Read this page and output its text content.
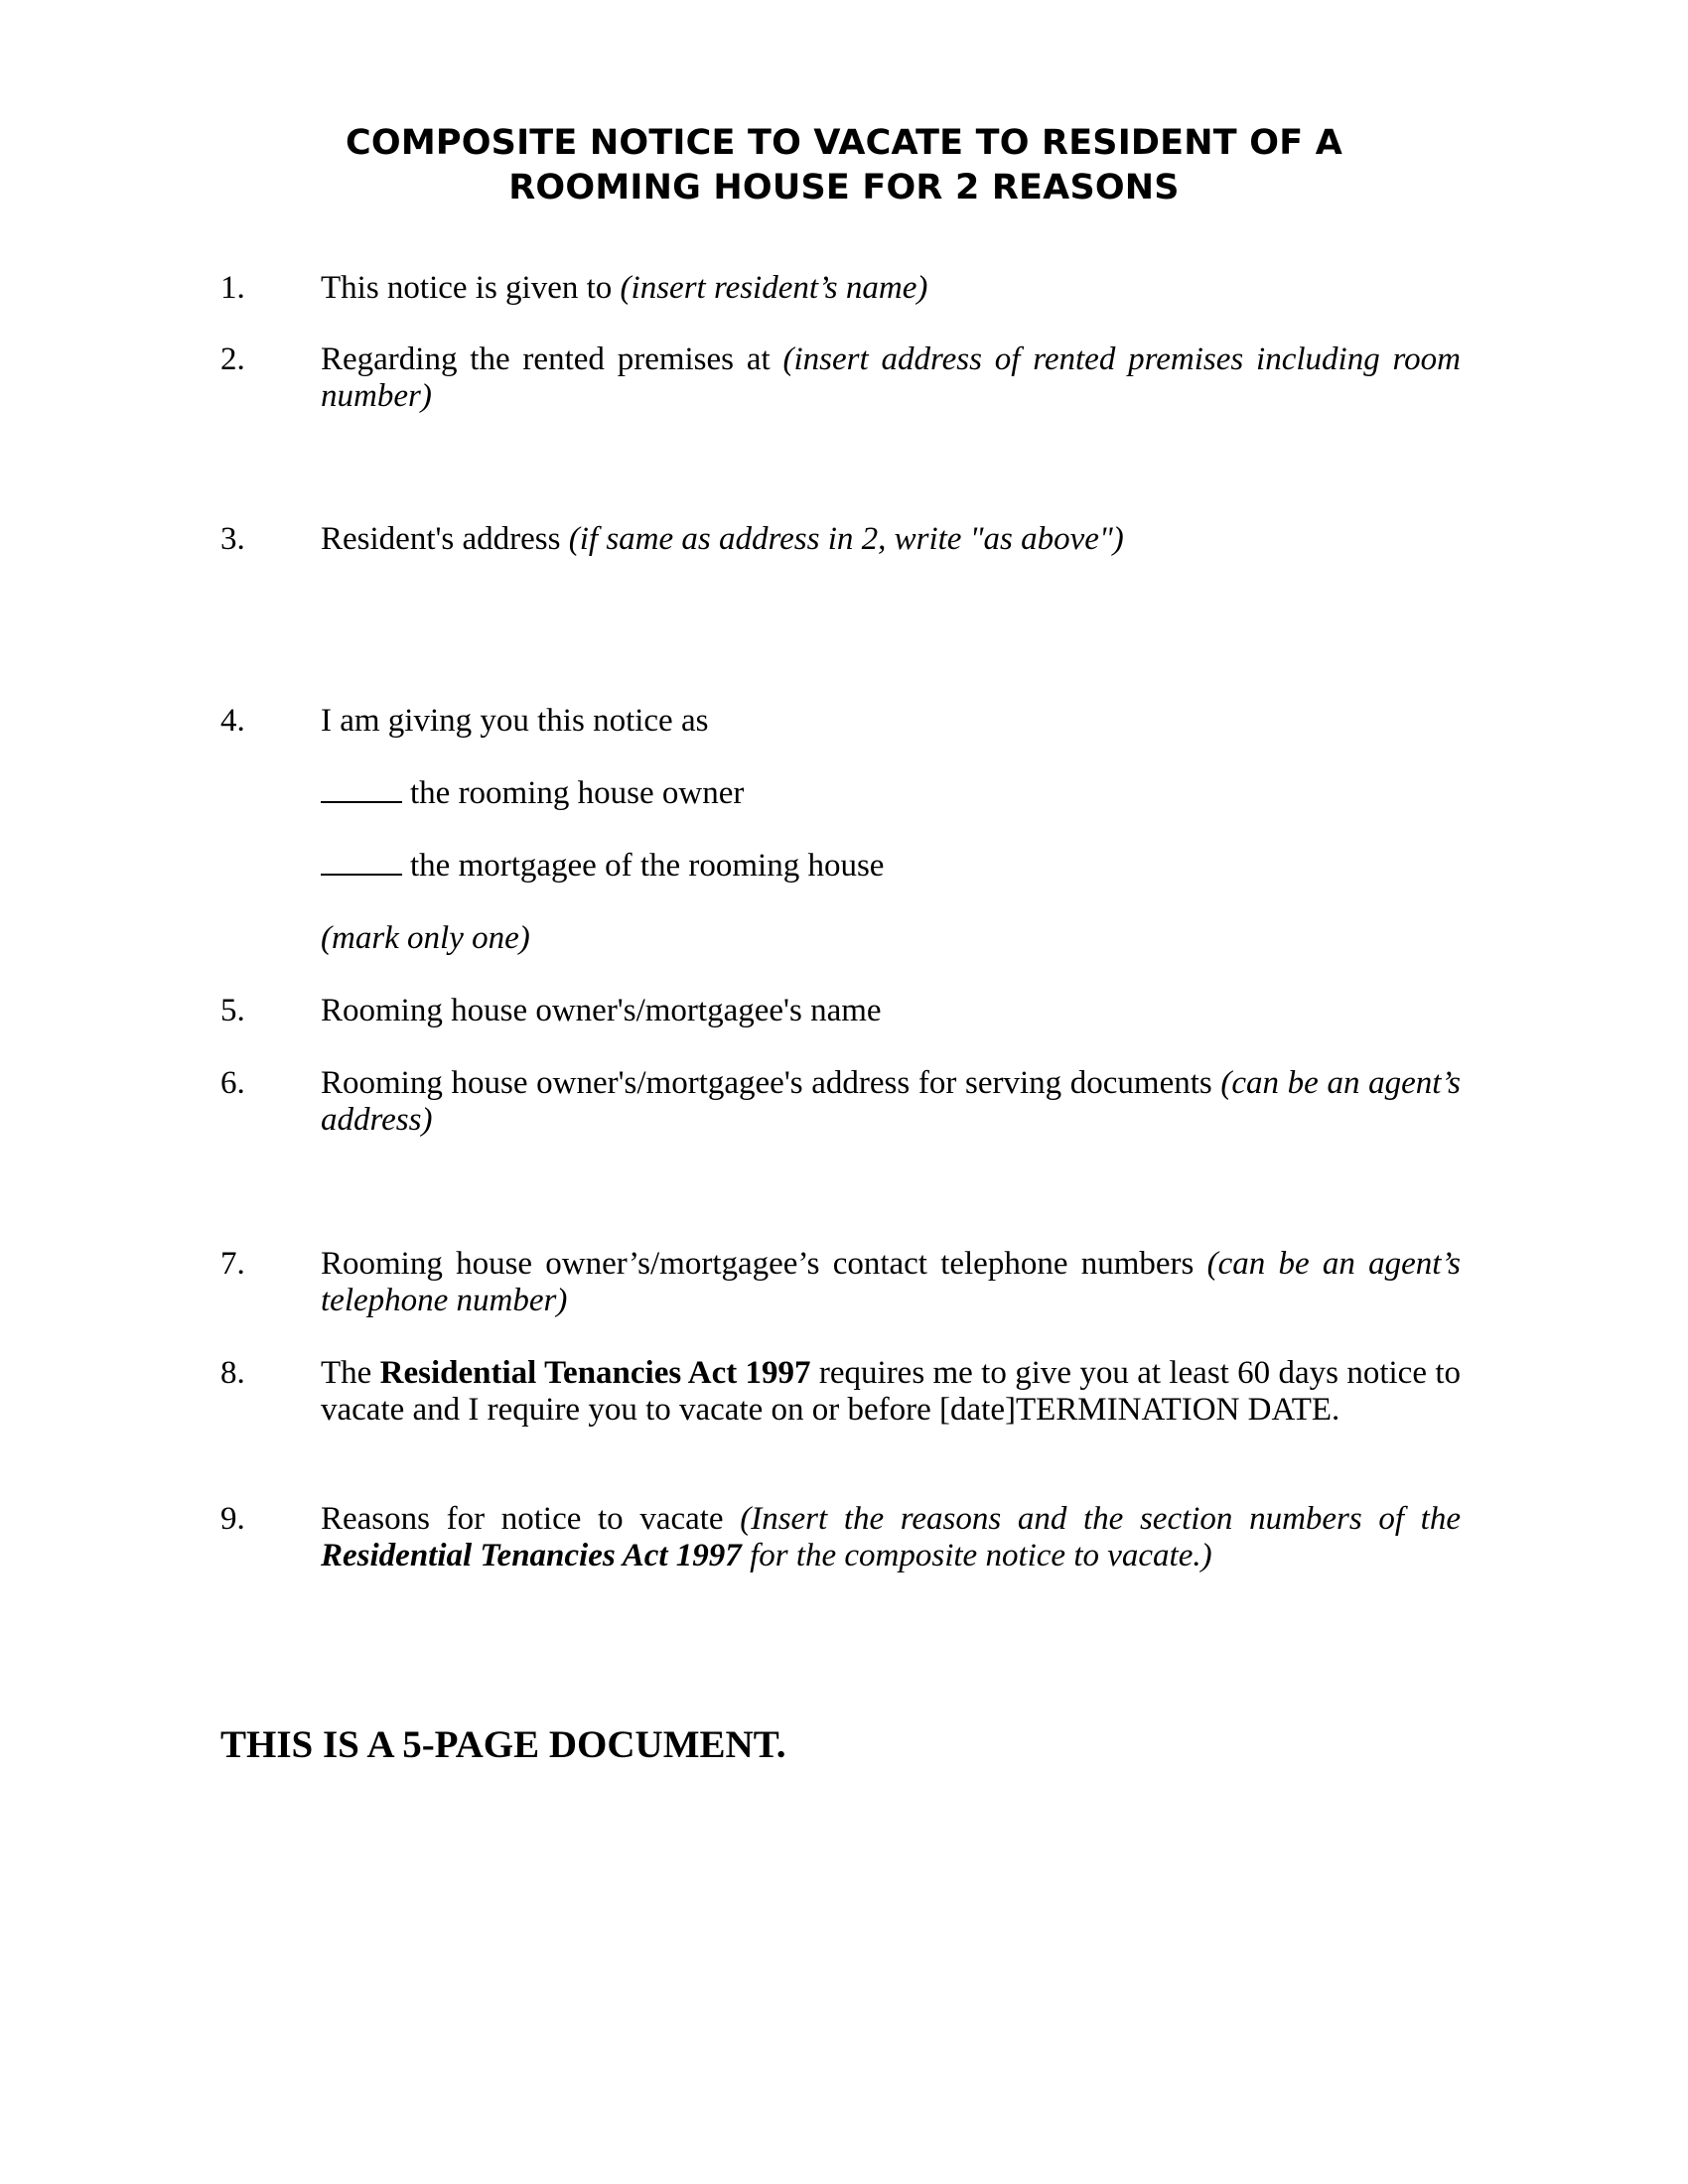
COMPOSITE NOTICE TO VACATE TO RESIDENT OF A
ROOMING HOUSE FOR 2 REASONS
1. This notice is given to (insert resident’s name)
2. Regarding the rented premises at (insert address of rented premises including room number)
3. Resident's address (if same as address in 2, write "as above")
4. I am giving you this notice as
the rooming house owner
the mortgagee of the rooming house
(mark only one)
5. Rooming house owner's/mortgagee's name
6. Rooming house owner's/mortgagee's address for serving documents (can be an agent’s address)
7. Rooming house owner’s/mortgagee’s contact telephone numbers (can be an agent’s telephone number)
8. The Residential Tenancies Act 1997 requires me to give you at least 60 days notice to vacate and I require you to vacate on or before [date]TERMINATION DATE.
9. Reasons for notice to vacate (Insert the reasons and the section numbers of the Residential Tenancies Act 1997 for the composite notice to vacate.)
THIS IS A 5-PAGE DOCUMENT.
